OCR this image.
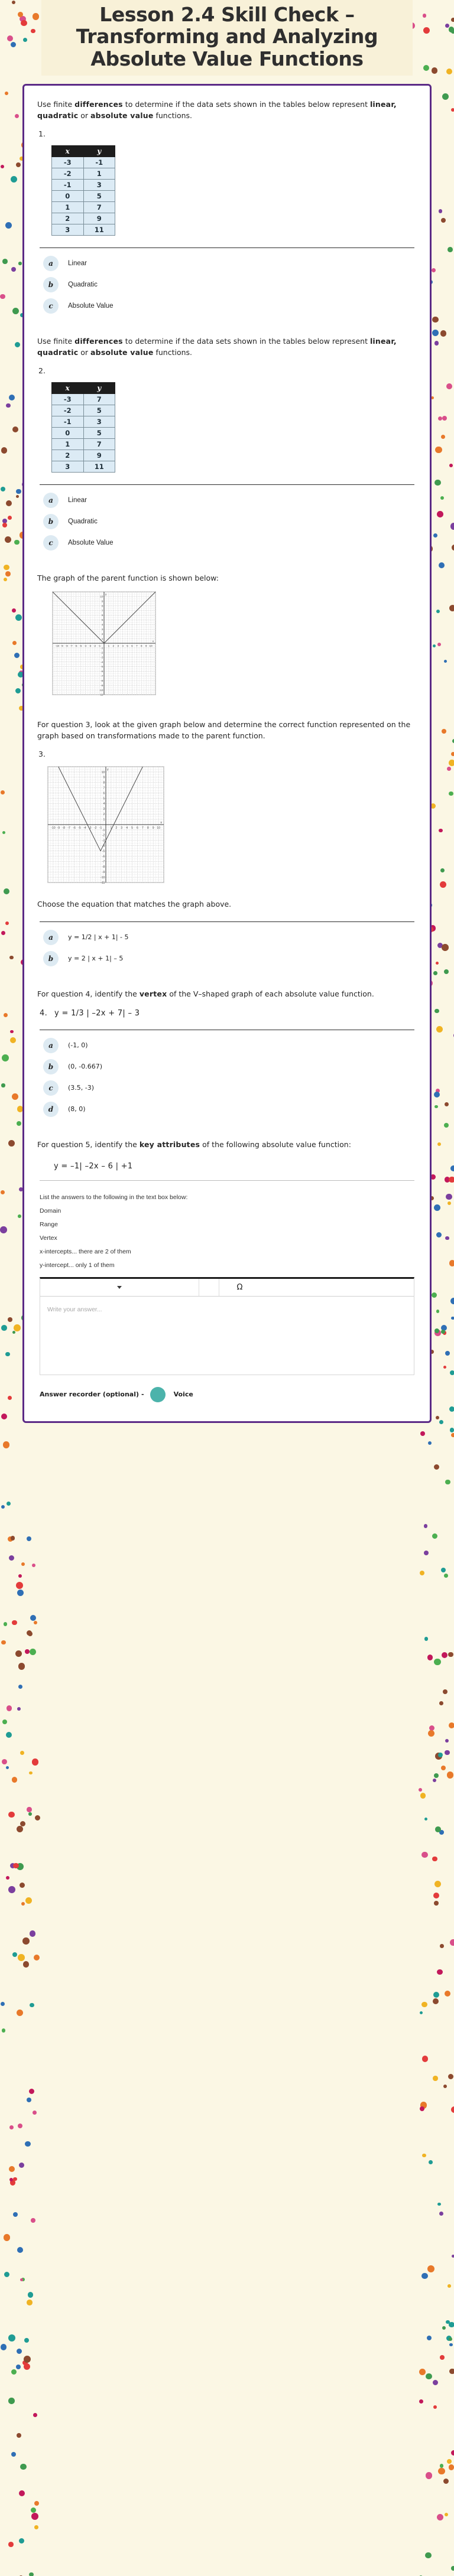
Lesson 2.4 Skill Check – Transforming and Analyzing Absolute Value Functions
Use finite differences to determine if the data sets shown in the tables below represent linear, quadratic or absolute value functions.
1.
x	y
-3	-1
-2	1
-1	3
0	5
1	7
2	9
3	11
a	Linear
b	Quadratic
c	Absolute Value
Use finite differences to determine if the data sets shown in the tables below represent linear, quadratic or absolute value functions.
2.
x	y
-3	7
-2	5
-1	3
0	5
1	7
2	9
3	11
a	Linear
b	Quadratic
c	Absolute Value
The graph of the parent function is shown below:
-10 -9 -8 -7 -6 -5 -4 -3 -2 -1	1 2 3 4 5 6 7 8 9 10
-11
-10
-9
-8
-7
-6
-5
-4
-3
-2
-1
1
2
3
4
5
6
7
8
9
10
y
x
For question 3, look at the given graph below and determine the correct function represented on the graph based on transformations made to the parent function.
3.
-10 -9 -8 -7 -6 -5 -4 -3 -2 -1	1 2 3 4 5 6 7 8 9 10
-11
-10
-9
-8
-7
-6
-5
-4
-3
-2
-1
1
2
3
4
5
6
7
8
9
10
y
x
Choose the equation that matches the graph above.
a	y = 1/2 | x + 1| - 5
b	y = 2 | x + 1| – 5
For question 4, identify the vertex of the V–shaped graph of each absolute value function.
4. y = 1/3 | –2x + 7| – 3
a	(-1, 0)
b	(0, -0.667)
c	(3.5, -3)
d	(8, 0)
For question 5, identify the key attributes of the following absolute value function:
y = –1| –2x – 6 | +1
List the answers to the following in the text box below:
Domain
Range
Vertex
x-intercepts... there are 2 of them
y-intercept... only 1 of them
Ω
Write your answer...
Answer recorder (optional) -	Voice
